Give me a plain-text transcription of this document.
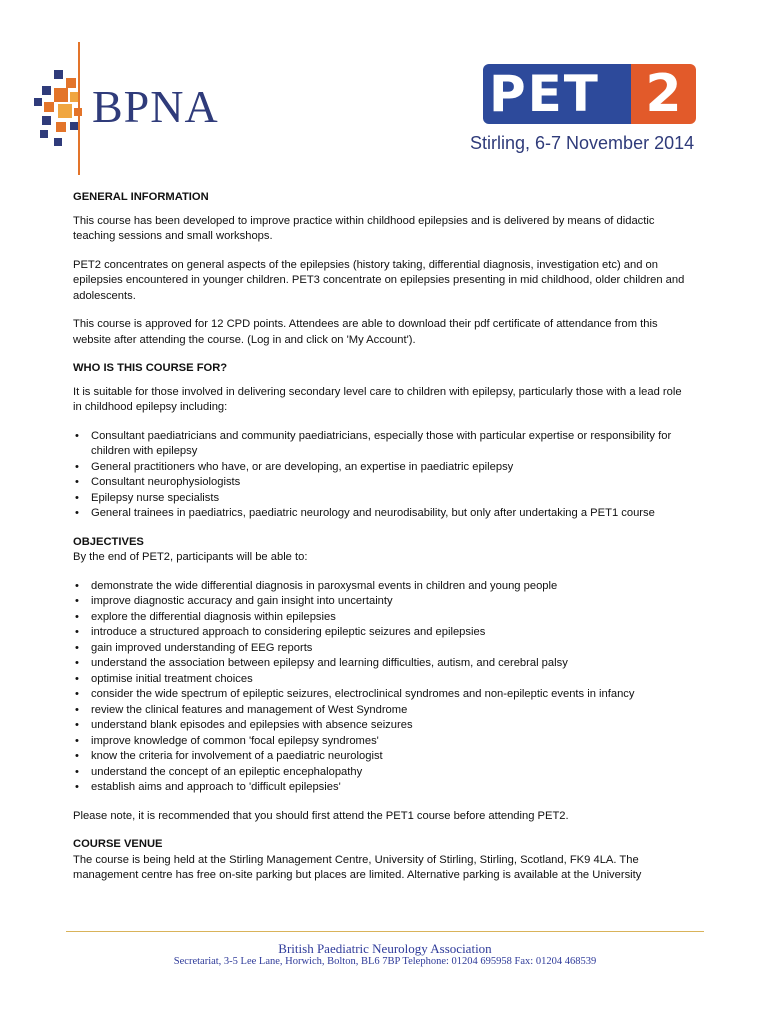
BPNA	PET 2
Stirling, 6-7 November 2014
GENERAL INFORMATION

This course has been developed to improve practice within childhood epilepsies and is delivered by means of didactic teaching sessions and small workshops.

PET2 concentrates on general aspects of the epilepsies (history taking, differential diagnosis, investigation etc) and on epilepsies encountered in younger children. PET3 concentrate on epilepsies presenting in mid childhood, older children and adolescents.

This course is approved for 12 CPD points. Attendees are able to download their pdf certificate of attendance from this website after attending the course. (Log in and click on 'My Account').

WHO IS THIS COURSE FOR?

It is suitable for those involved in delivering secondary level care to children with epilepsy, particularly those with a lead role in childhood epilepsy including:

• Consultant paediatricians and community paediatricians, especially those with particular expertise or responsibility for children with epilepsy
• General practitioners who have, or are developing, an expertise in paediatric epilepsy
• Consultant neurophysiologists
• Epilepsy nurse specialists
• General trainees in paediatrics, paediatric neurology and neurodisability, but only after undertaking a PET1 course
OBJECTIVES

By the end of PET2, participants will be able to:

• demonstrate the wide differential diagnosis in paroxysmal events in children and young people
• improve diagnostic accuracy and gain insight into uncertainty
• explore the differential diagnosis within epilepsies
• introduce a structured approach to considering epileptic seizures and epilepsies
• gain improved understanding of EEG reports
• understand the association between epilepsy and learning difficulties, autism, and cerebral palsy
• optimise initial treatment choices
• consider the wide spectrum of epileptic seizures, electroclinical syndromes and non-epileptic events in infancy
• review the clinical features and management of West Syndrome
• understand blank episodes and epilepsies with absence seizures
• improve knowledge of common 'focal epilepsy syndromes'
• know the criteria for involvement of a paediatric neurologist
• understand the concept of an epileptic encephalopathy
• establish aims and approach to 'difficult epilepsies'

Please note, it is recommended that you should first attend the PET1 course before attending PET2.

COURSE VENUE

The course is being held at the Stirling Management Centre, University of Stirling, Stirling, Scotland, FK9 4LA. The management centre has free on-site parking but places are limited. Alternative parking is available at the University

British Paediatric Neurology Association
Secretariat, 3-5 Lee Lane, Horwich, Bolton, BL6 7BP Telephone: 01204 695958 Fax: 01204 468539
